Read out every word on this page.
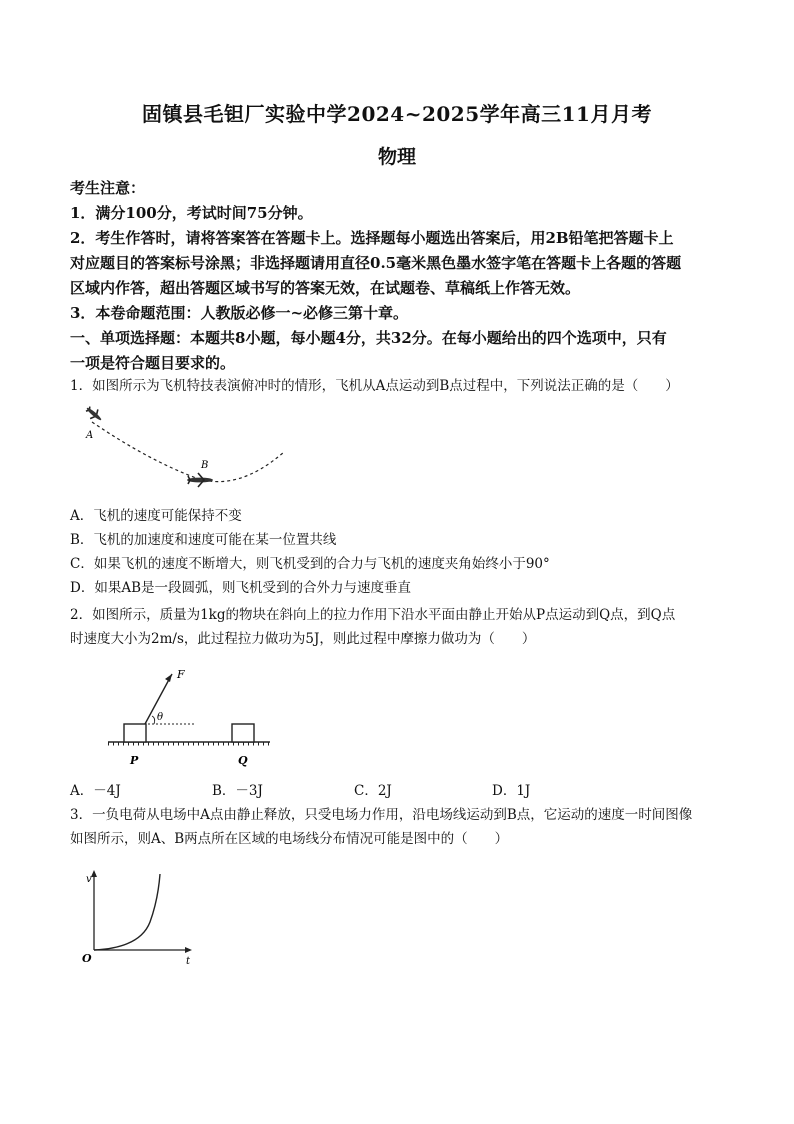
固镇县毛钽厂实验中学2024~2025学年高三11月月考
物理
考生注意：
1．满分100分，考试时间75分钟。
2．考生作答时，请将答案答在答题卡上。选择题每小题选出答案后，用2B铅笔把答题卡上
对应题目的答案标号涂黑；非选择题请用直径0.5毫米黑色墨水签字笔在答题卡上各题的答题
区域内作答，超出答题区域书写的答案无效，在试题卷、草稿纸上作答无效。
3．本卷命题范围：人教版必修一~必修三第十章。
一、单项选择题：本题共8小题，每小题4分，共32分。在每小题给出的四个选项中，只有
一项是符合题目要求的。
1．如图所示为飞机特技表演俯冲时的情形，飞机从A点运动到B点过程中，下列说法正确的是（　　）
A
B
A．飞机的速度可能保持不变
B．飞机的加速度和速度可能在某一位置共线
C．如果飞机的速度不断增大，则飞机受到的合力与飞机的速度夹角始终小于90°
D．如果AB是一段圆弧，则飞机受到的合外力与速度垂直
2．如图所示，质量为1kg的物块在斜向上的拉力作用下沿水平面由静止开始从P点运动到Q点，到Q点
时速度大小为2m/s，此过程拉力做功为5J，则此过程中摩擦力做功为（　　）
F
θ
P	Q
A．－4J	B．－3J	C．2J	D．1J
3．一负电荷从电场中A点由静止释放，只受电场力作用，沿电场线运动到B点，它运动的速度一时间图像
如图所示，则A、B两点所在区域的电场线分布情况可能是图中的（　　）
v
t
O
